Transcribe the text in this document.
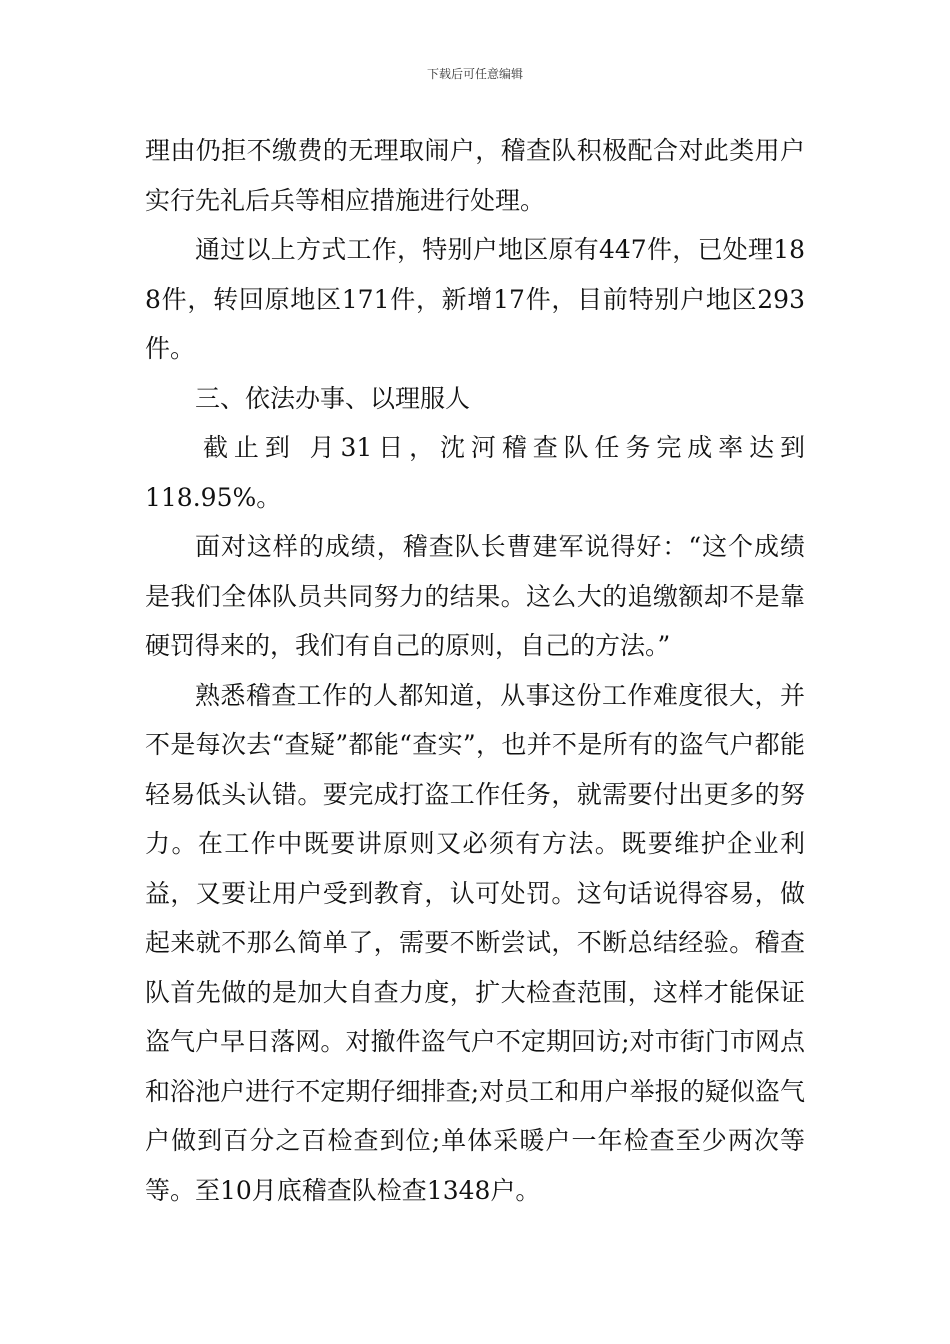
下载后可任意编辑

理由仍拒不缴费的无理取闹户，稽查队积极配合对此类用户实行先礼后兵等相应措施进行处理。

通过以上方式工作，特别户地区原有447件，已处理188件，转回原地区171件，新增17件，目前特别户地区293件。

三、依法办事、以理服人

截止到 月31日，沈河稽查队任务完成率达到

118.95%。

面对这样的成绩，稽查队长曹建军说得好：“这个成绩是我们全体队员共同努力的结果。这么大的追缴额却不是靠硬罚得来的，我们有自己的原则，自己的方法。”

熟悉稽查工作的人都知道，从事这份工作难度很大，并不是每次去“查疑”都能“查实”，也并不是所有的盗气户都能轻易低头认错。要完成打盗工作任务，就需要付出更多的努力。在工作中既要讲原则又必须有方法。既要维护企业利益，又要让用户受到教育，认可处罚。这句话说得容易，做起来就不那么简单了，需要不断尝试，不断总结经验。稽查队首先做的是加大自查力度，扩大检查范围，这样才能保证盗气户早日落网。对撤件盗气户不定期回访;对市街门市网点和浴池户进行不定期仔细排查;对员工和用户举报的疑似盗气户做到百分之百检查到位;单体采暖户一年检查至少两次等等。至10月底稽查队检查1348户。
